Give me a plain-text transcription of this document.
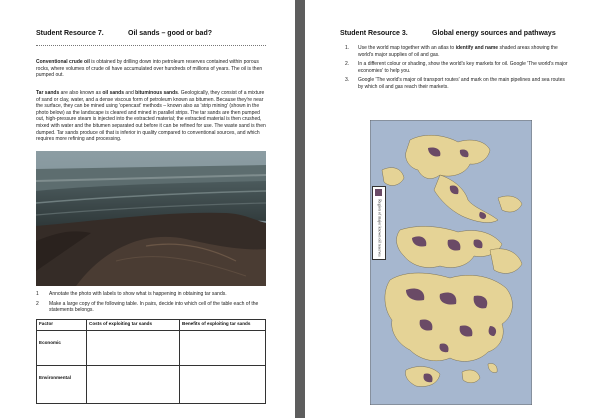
Student Resource 7.	Oil sands – good or bad?
Conventional crude oil is obtained by drilling down into petroleum reserves contained within porous rocks, where volumes of crude oil have accumulated over hundreds of millions of years. The oil is then pumped out.
Tar sands are also known as oil sands and bituminous sands. Geologically, they consist of a mixture of sand or clay, water, and a dense viscous form of petroleum known as bitumen. Because they're near the surface, they can be mined using 'opencast' methods – known also as 'strip mining' (shown in the photo below) as the landscape is cleared and mined in parallel strips. The tar sands are then pumped out, high-pressure steam is injected into the extracted material; the extracted material is then crushed, mixed with water and the bitumen separated out before it can be refined for use. The waste sand is then dumped. Tar sands produce oil that is inferior in quality compared to conventional sources, and which requires more refining and processing.
1 Annotate the photo with labels to show what is happening in obtaining tar sands.
2 Make a large copy of the following table. In pairs, decide into which cell of the table each of the statements belongs.
Factor	Costs of exploiting tar sands	Benefits of exploiting tar sands
Economic		
Environmental		
Student Resource 3.	Global energy sources and pathways
1. Use the world map together with an atlas to identify and name shaded areas showing the world's major supplies of oil and gas.
2. In a different colour or shading, show the world's key markets for oil. Google 'The world's major economies' to help you.
3. Google 'The world's major oil transport routes' and mark on the main pipelines and sea routes by which oil and gas reach their markets.
Region of major known oil reserves
